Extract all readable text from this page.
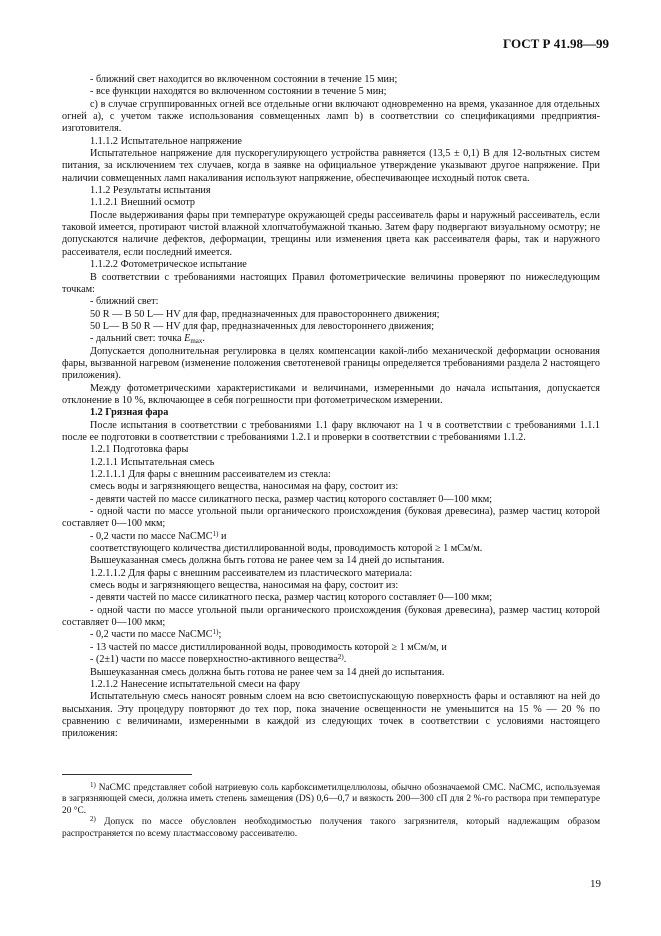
ГОСТ Р 41.98—99

- ближний свет находится во включенном состоянии в течение 15 мин;

- все функции находятся во включенном состоянии в течение 5 мин;

c) в случае сгруппированных огней все отдельные огни включают одновременно на время, указанное для отдельных огней a), с учетом также использования совмещенных ламп b) в соответствии со спецификациями предприятия-изготовителя.

1.1.1.2 Испытательное напряжение

Испытательное напряжение для пускорегулирующего устройства равняется (13,5 ± 0,1) В для 12-вольтных систем питания, за исключением тех случаев, когда в заявке на официальное утверждение указывают другое напряжение. При наличии совмещенных ламп накаливания используют напряжение, обеспечивающее исходный поток света.

1.1.2 Результаты испытания

1.1.2.1 Внешний осмотр

После выдерживания фары при температуре окружающей среды рассеиватель фары и наружный рассеиватель, если таковой имеется, протирают чистой влажной хлопчатобумажной тканью. Затем фару подвергают визуальному осмотру; не допускаются наличие дефектов, деформации, трещины или изменения цвета как рассеивателя фары, так и наружного рассеивателя, если последний имеется.

1.1.2.2 Фотометрическое испытание

В соответствии с требованиями настоящих Правил фотометрические величины проверяют по нижеследующим точкам:

- ближний свет:

50 R — B 50 L— HV для фар, предназначенных для правостороннего движения;

50 L— B 50 R — HV для фар, предназначенных для левостороннего движения;

- дальний свет: точка $E_{max}$.

Допускается дополнительная регулировка в целях компенсации какой-либо механической деформации основания фары, вызванной нагревом (изменение положения светотеневой границы определяется требованиями раздела 2 настоящего приложения).

Между фотометрическими характеристиками и величинами, измеренными до начала испытания, допускается отклонение в 10 %, включающее в себя погрешности при фотометрическом измерении.

1.2 Грязная фара

После испытания в соответствии с требованиями 1.1 фару включают на 1 ч в соответствии с требованиями 1.1.1 после ее подготовки в соответствии с требованиями 1.2.1 и проверки в соответствии с требованиями 1.1.2.

1.2.1 Подготовка фары

1.2.1.1 Испытательная смесь

1.2.1.1.1 Для фары с внешним рассеивателем из стекла:

смесь воды и загрязняющего вещества, наносимая на фару, состоит из:

- девяти частей по массе силикатного песка, размер частиц которого составляет 0—100 мкм;

- одной части по массе угольной пыли органического происхождения (буковая древесина), размер частиц которой составляет 0—100 мкм;

- 0,2 части по массе NaCMC$^{1)}$ и

соответствующего количества дистиллированной воды, проводимость которой ≥ 1 мСм/м.

Вышеуказанная смесь должна быть готова не ранее чем за 14 дней до испытания.

1.2.1.1.2 Для фары с внешним рассеивателем из пластического материала:

смесь воды и загрязняющего вещества, наносимая на фару, состоит из:

- девяти частей по массе силикатного песка, размер частиц которого составляет 0—100 мкм;

- одной части по массе угольной пыли органического происхождения (буковая древесина), размер частиц которой составляет 0—100 мкм;

- 0,2 части по массе NaCMC$^{1)}$;

- 13 частей по массе дистиллированной воды, проводимость которой ≥ 1 мСм/м, и

- (2±1) части по массе поверхностно-активного вещества$^{2)}$.

Вышеуказанная смесь должна быть готова не ранее чем за 14 дней до испытания.

1.2.1.2 Нанесение испытательной смеси на фару

Испытательную смесь наносят ровным слоем на всю светоиспускающую поверхность фары и оставляют на ней до высыхания. Эту процедуру повторяют до тех пор, пока значение освещенности не уменьшится на 15 % — 20 % по сравнению с величинами, измеренными в каждой из следующих точек в соответствии с условиями настоящего приложения:

$^{1)}$ NaCMC представляет собой натриевую соль карбоксиметилцеллюлозы, обычно обозначаемой СМС. NaCMC, используемая в загрязняющей смеси, должна иметь степень замещения (DS) 0,6—0,7 и вязкость 200—300 сП для 2 %-го раствора при температуре 20 °С.

$^{2)}$ Допуск по массе обусловлен необходимостью получения такого загрязнителя, который надлежащим образом распространяется по всему пластмассовому рассеивателю.

19
